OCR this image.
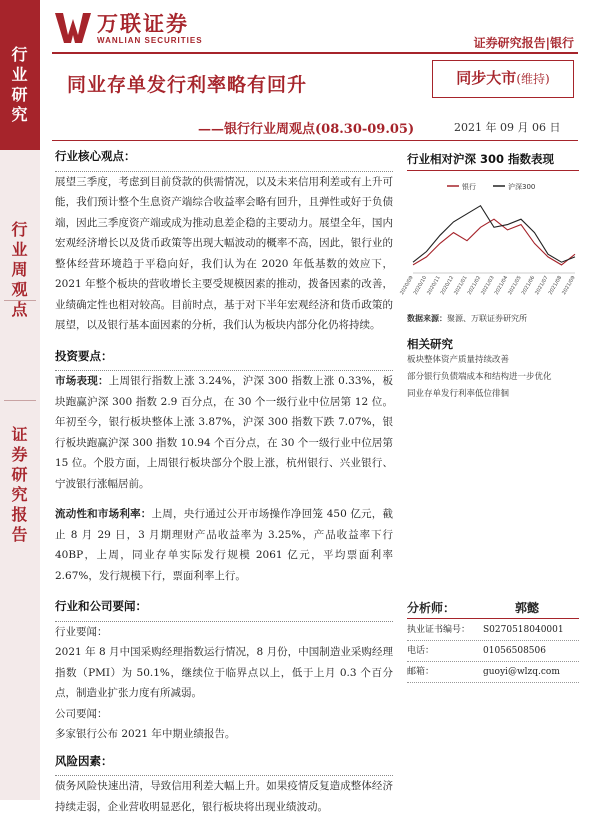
行
业
研
究
行
业
周
观
点
证
券
研
究
报
告
万联证券
WANLIAN SECURITIES	证券研究报告|银行
同业存单发行利率略有回升
——银行行业周观点(08.30-09.05)
同步大市(维持)
2021 年 09 月 06 日
行业核心观点：
展望三季度，考虑到目前贷款的供需情况，以及未来信用利差或有上升可能，我们预计整个生息资产端综合收益率会略有回升，且弹性或好于负债端，因此三季度资产端或成为推动息差企稳的主要动力。展望全年，国内宏观经济增长以及货币政策等出现大幅波动的概率不高，因此，银行业的整体经营环境趋于平稳向好，我们认为在 2020 年低基数的效应下，2021 年整个板块的营收增长主要受规模因素的推动，拨备因素的改善，业绩确定性也相对较高。目前时点，基于对下半年宏观经济和货币政策的展望，以及银行基本面因素的分析，我们认为板块内部分化仍将持续。
投资要点：
市场表现：上周银行指数上涨 3.24%，沪深 300 指数上涨 0.33%，板块跑赢沪深 300 指数 2.9 百分点，在 30 个一级行业中位居第 12 位。年初至今，银行板块整体上涨 3.87%，沪深 300 指数下跌 7.07%，银行板块跑赢沪深 300 指数 10.94 个百分点，在 30 个一级行业中位居第 15 位。个股方面，上周银行板块部分个股上涨，杭州银行、兴业银行、宁波银行涨幅居前。
流动性和市场利率：上周，央行通过公开市场操作净回笼 450 亿元，截止 8 月 29 日，3 月期理财产品收益率为 3.25%，产品收益率下行 40BP，上周，同业存单实际发行规模 2061 亿元，平均票面利率 2.67%，发行规模下行，票面利率上行。
行业和公司要闻：
行业要闻：
2021 年 8 月中国采购经理指数运行情况，8 月份，中国制造业采购经理指数（PMI）为 50.1%，继续位于临界点以上，低于上月 0.3 个百分点，制造业扩张力度有所减弱。
公司要闻：
多家银行公布 2021 年中期业绩报告。
风险因素：
债务风险快速出清，导致信用利差大幅上升。如果疫情反复造成整体经济持续走弱，企业营收明显恶化，银行板块将出现业绩波动。
行业相对沪深 300 指数表现
银行	沪深300
2020/09
2020/10
2020/11
2020/12
2021/01
2021/02
2021/03
2021/04
2021/05
2021/06
2021/07
2021/08
2021/09
数据来源：聚源、万联证券研究所
相关研究
板块整体资产质量持续改善
部分银行负债端成本和结构进一步优化
同业存单发行利率低位徘徊
分析师：	郭懿
执业证书编号： S0270518040001
电话：	01056508506
邮箱：	guoyi@wlzq.com
